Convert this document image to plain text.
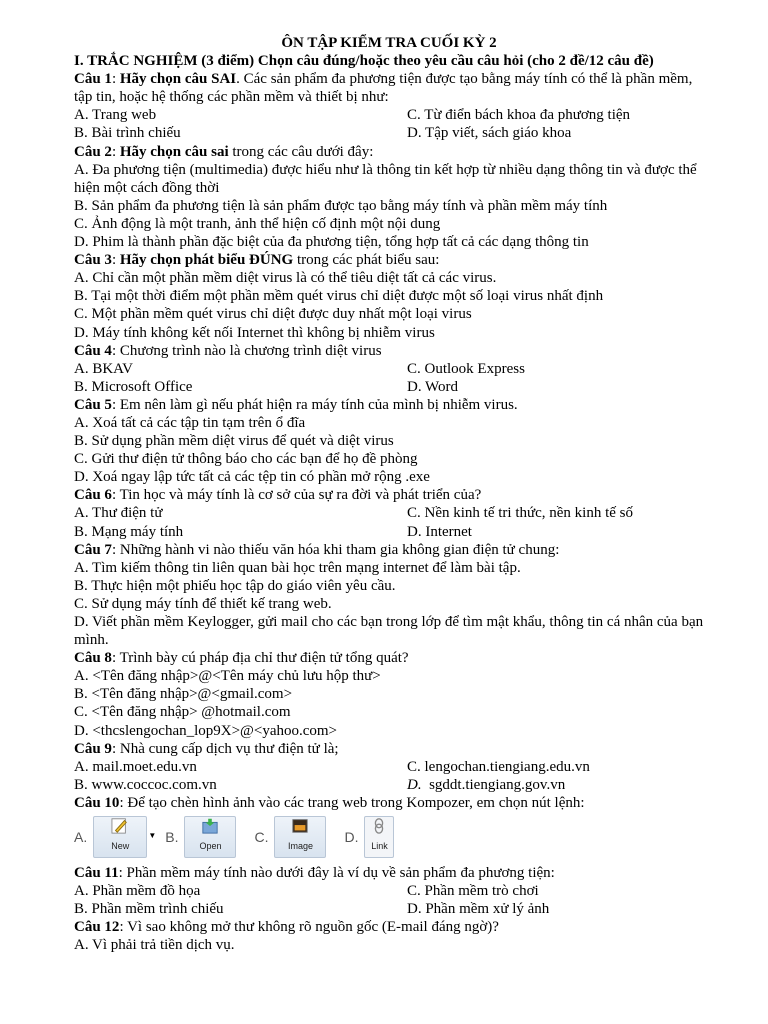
ÔN TẬP KIỂM TRA CUỐI KỲ 2
I. TRẮC NGHIỆM (3 điểm) Chọn câu đúng/hoặc theo yêu cầu câu hỏi (cho 2 đề/12 câu đề)
Câu 1: Hãy chọn câu SAI. Các sản phẩm đa phương tiện được tạo bằng máy tính có thể là phần mềm, tập tin, hoặc hệ thống các phần mềm và thiết bị như:
A. Trang web	C. Từ điển bách khoa đa phương tiện
B. Bài trình chiếu	D. Tập viết, sách giáo khoa
Câu 2: Hãy chọn câu sai trong các câu dưới đây:
A. Đa phương tiện (multimedia) được hiểu như là thông tin kết hợp từ nhiều dạng thông tin và được thể hiện một cách đồng thời
B. Sản phẩm đa phương tiện là sản phẩm được tạo bằng máy tính và phần mềm máy tính
C. Ảnh động là một tranh, ảnh thể hiện cố định một nội dung
D. Phim là thành phần đặc biệt của đa phương tiện, tổng hợp tất cả các dạng thông tin
Câu 3: Hãy chọn phát biểu ĐÚNG trong các phát biểu sau:
A. Chỉ cần một phần mềm diệt virus là có thể tiêu diệt tất cả các virus.
B. Tại một thời điểm một phần mềm quét virus chỉ diệt được một số loại virus nhất định
C. Một phần mềm quét virus chỉ diệt được duy nhất một loại virus
D. Máy tính không kết nối Internet thì không bị nhiễm virus
Câu 4: Chương trình nào là chương trình diệt virus
A. BKAV	C. Outlook Express
B. Microsoft Office	D. Word
Câu 5: Em nên làm gì nếu phát hiện ra máy tính của mình bị nhiễm virus.
A. Xoá tất cả các tập tin tạm trên ổ đĩa
B. Sử dụng phần mềm diệt virus để quét và diệt virus
C. Gửi thư điện tử thông báo cho các bạn để họ đề phòng
D. Xoá ngay lập tức tất cả các tệp tin có phần mở rộng .exe
Câu 6: Tin học và máy tính là cơ sở của sự ra đời và phát triển của?
A. Thư điện tử	C. Nền kinh tế tri thức, nền kinh tế số
B. Mạng máy tính	D. Internet
Câu 7: Những hành vi nào thiếu văn hóa khi tham gia không gian điện tử chung:
A. Tìm kiếm thông tin liên quan bài học trên mạng internet để làm bài tập.
B. Thực hiện một phiếu học tập do giáo viên yêu cầu.
C. Sử dụng máy tính để thiết kế trang web.
D. Viết phần mềm Keylogger, gửi mail cho các bạn trong lớp để tìm mật khẩu, thông tin cá nhân của bạn mình.
Câu 8: Trình bày cú pháp địa chỉ thư điện tử tổng quát?
A. <Tên đăng nhập>@<Tên máy chủ lưu hộp thư>
B. <Tên đăng nhập>@<gmail.com>
C. <Tên đăng nhập> @hotmail.com
D. <thcslengochan_lop9X>@<yahoo.com>
Câu 9: Nhà cung cấp dịch vụ thư điện tử là;
A. mail.moet.edu.vn	C. lengochan.tiengiang.edu.vn
B. www.coccoc.com.vn	D. sgddt.tiengiang.gov.vn
Câu 10: Để tạo chèn hình ảnh vào các trang web trong Kompozer, em chọn nút lệnh:
A.
New
▼ B.
Open
C.
Image
D.
Link
Câu 11: Phần mềm máy tính nào dưới đây là ví dụ về sản phẩm đa phương tiện:
A. Phần mềm đồ họa	C. Phần mềm trò chơi
B. Phần mềm trình chiếu	D. Phần mềm xử lý ảnh
Câu 12: Vì sao không mở thư không rõ nguồn gốc (E-mail đáng ngờ)?
A. Vì phải trả tiền dịch vụ.
